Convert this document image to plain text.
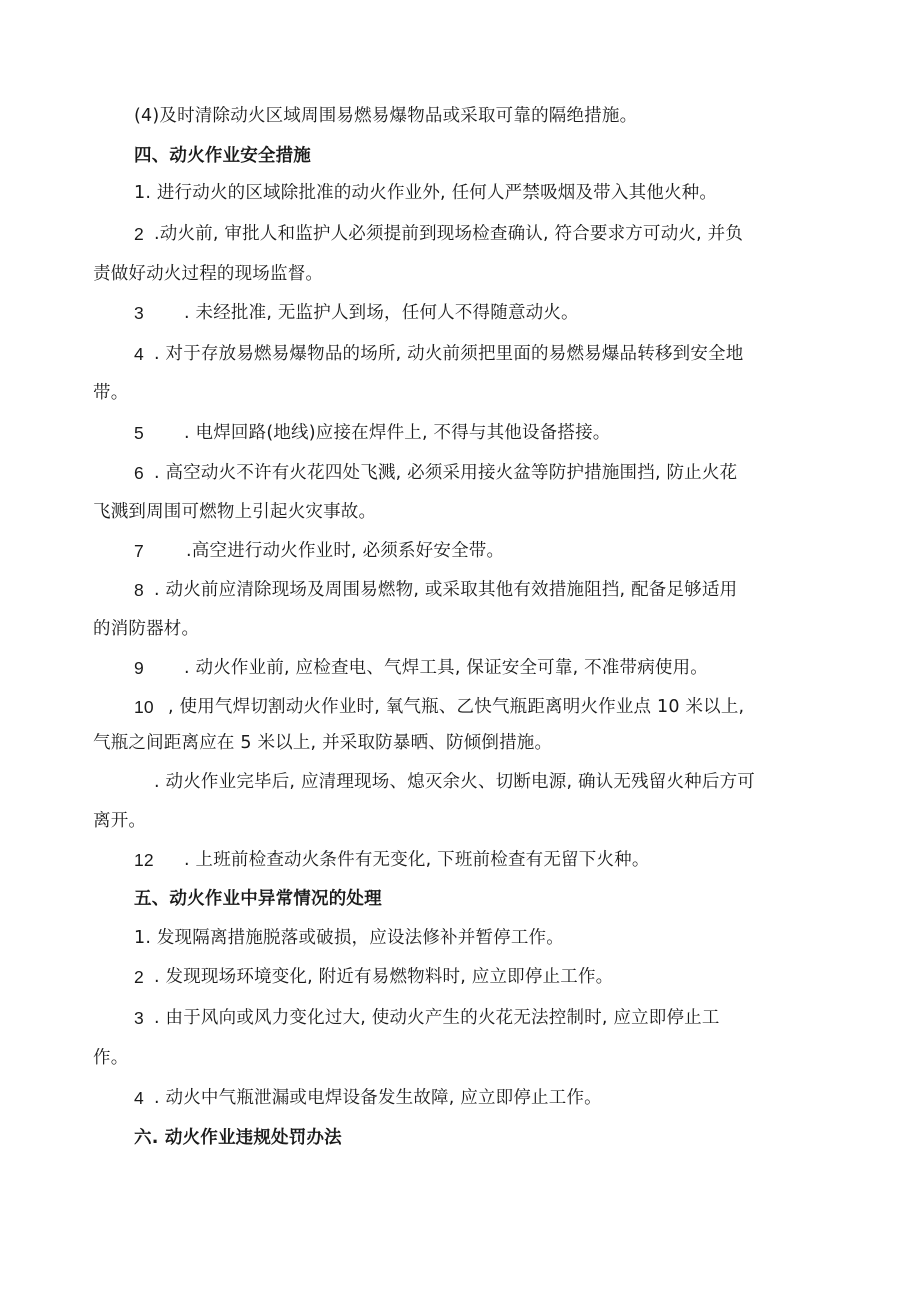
(4)及时清除动火区域周围易燃易爆物品或采取可靠的隔绝措施。
四、动火作业安全措施
1. 进行动火的区域除批准的动火作业外, 任何人严禁吸烟及带入其他火种。
2 .动火前, 审批人和监护人必须提前到现场检查确认, 符合要求方可动火, 并负
责做好动火过程的现场监督。
3 . 未经批准, 无监护人到场，任何人不得随意动火。
4 . 对于存放易燃易爆物品的场所, 动火前须把里面的易燃易爆品转移到安全地
带。
5 . 电焊回路(地线)应接在焊件上, 不得与其他设备搭接。
6 . 高空动火不许有火花四处飞溅, 必须采用接火盆等防护措施围挡, 防止火花
飞溅到周围可燃物上引起火灾事故。
7 .高空进行动火作业时, 必须系好安全带。
8 . 动火前应清除现场及周围易燃物, 或采取其他有效措施阻挡, 配备足够适用
的消防器材。
9 . 动火作业前, 应检查电、气焊工具, 保证安全可靠, 不准带病使用。
10 , 使用气焊切割动火作业时, 氧气瓶、乙快气瓶距离明火作业点 10 米以上,
气瓶之间距离应在 5 米以上, 并采取防暴晒、防倾倒措施。
. 动火作业完毕后, 应清理现场、熄灭余火、切断电源, 确认无残留火种后方可
离开。
12 . 上班前检查动火条件有无变化, 下班前检查有无留下火种。
五、动火作业中异常情况的处理
1. 发现隔离措施脱落或破损，应设法修补并暂停工作。
2 . 发现现场环境变化, 附近有易燃物料时, 应立即停止工作。
3 . 由于风向或风力变化过大, 使动火产生的火花无法控制时, 应立即停止工
作。
4 . 动火中气瓶泄漏或电焊设备发生故障, 应立即停止工作。
六. 动火作业违规处罚办法
